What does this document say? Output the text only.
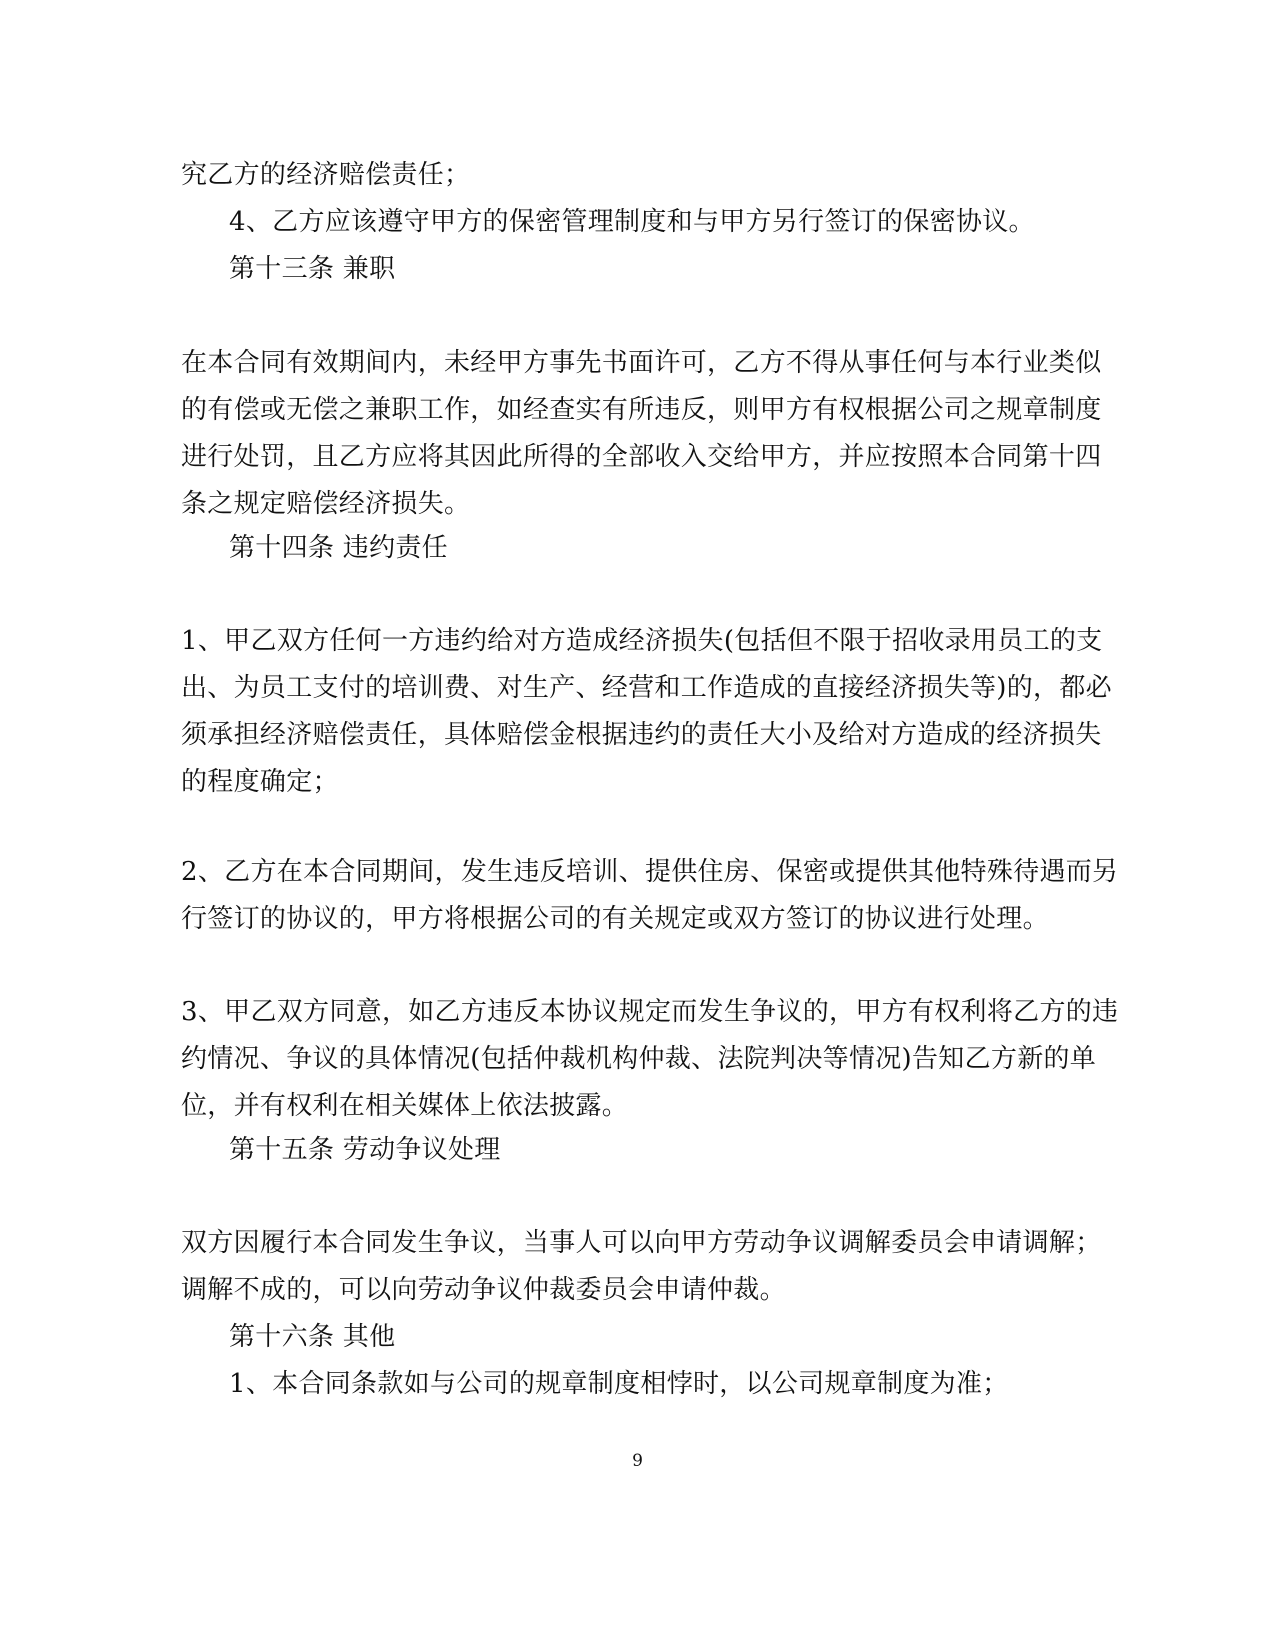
究乙方的经济赔偿责任；
4、乙方应该遵守甲方的保密管理制度和与甲方另行签订的保密协议。
第十三条 兼职
在本合同有效期间内，未经甲方事先书面许可，乙方不得从事任何与本行业类似
的有偿或无偿之兼职工作，如经查实有所违反，则甲方有权根据公司之规章制度
进行处罚，且乙方应将其因此所得的全部收入交给甲方，并应按照本合同第十四
条之规定赔偿经济损失。
第十四条 违约责任
1、甲乙双方任何一方违约给对方造成经济损失(包括但不限于招收录用员工的支
出、为员工支付的培训费、对生产、经营和工作造成的直接经济损失等)的，都必
须承担经济赔偿责任，具体赔偿金根据违约的责任大小及给对方造成的经济损失
的程度确定；
2、乙方在本合同期间，发生违反培训、提供住房、保密或提供其他特殊待遇而另
行签订的协议的，甲方将根据公司的有关规定或双方签订的协议进行处理。
3、甲乙双方同意，如乙方违反本协议规定而发生争议的，甲方有权利将乙方的违
约情况、争议的具体情况(包括仲裁机构仲裁、法院判决等情况)告知乙方新的单
位，并有权利在相关媒体上依法披露。
第十五条 劳动争议处理
双方因履行本合同发生争议，当事人可以向甲方劳动争议调解委员会申请调解；
调解不成的，可以向劳动争议仲裁委员会申请仲裁。
第十六条 其他
1、本合同条款如与公司的规章制度相悖时，以公司规章制度为准；
9
